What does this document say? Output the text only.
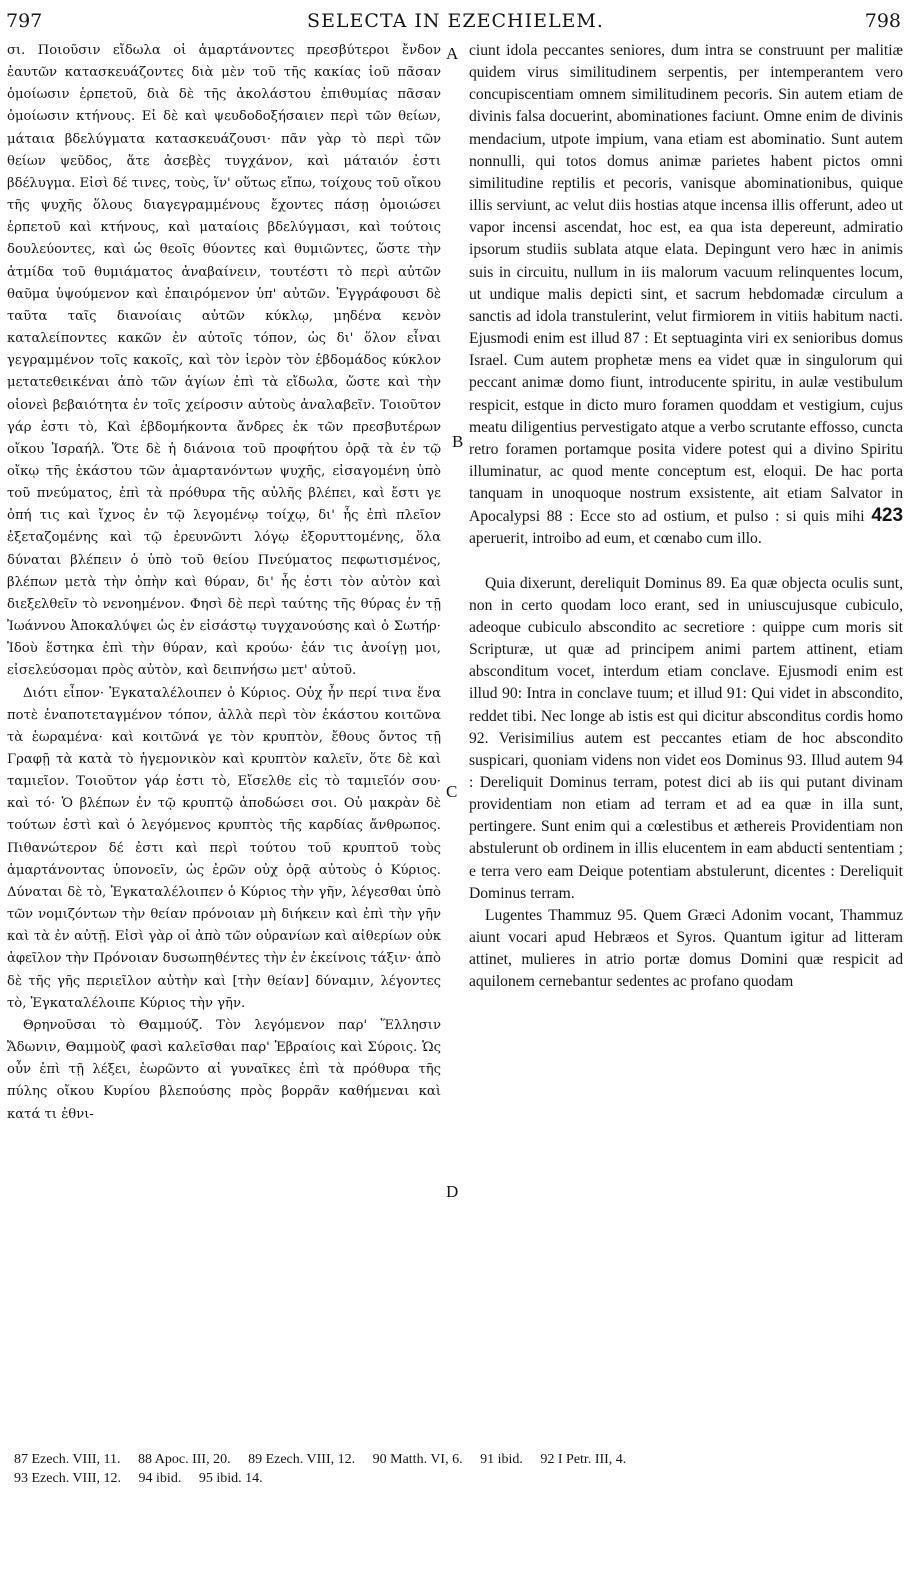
797	SELECTA IN EZECHIELEM.	798

σι. Ποιοῦσιν εἴδωλα οἱ ἁμαρτάνοντες πρεσβύτεροι ἔνδον ἑαυτῶν κατασκευάζοντες διὰ μὲν τοῦ τῆς κακίας ἰοῦ πᾶσαν ὁμοίωσιν ἑρπετοῦ, διὰ δὲ τῆς ἀκολάστου ἐπιθυμίας πᾶσαν ὁμοίωσιν κτήνους. Εἰ δὲ καὶ ψευδοδοξήσαιεν περὶ τῶν θείων, μάταια βδελύγματα κατασκευάζουσι· πᾶν γὰρ τὸ περὶ τῶν θείων ψεῦδος, ἅτε ἀσεβὲς τυγχάνον, καὶ μάταιόν ἐστι βδέλυγμα. Εἰσὶ δέ τινες, τοὺς, ἵν' οὕτως εἴπω, τοίχους τοῦ οἴκου τῆς ψυχῆς ὅλους διαγεγραμμένους ἔχοντες πάσῃ ὁμοιώσει ἑρπετοῦ καὶ κτήνους, καὶ ματαίοις βδελύγμασι, καὶ τούτοις δουλεύοντες, καὶ ὡς θεοῖς θύοντες καὶ θυμιῶντες, ὥστε τὴν ἀτμίδα τοῦ θυμιάματος ἀναβαίνειν, τουτέστι τὸ περὶ αὐτῶν θαῦμα ὑψούμενον καὶ ἐπαιρόμενον ὑπ' αὐτῶν. Ἐγγράφουσι δὲ ταῦτα ταῖς διανοίαις αὐτῶν κύκλῳ, μηδένα κενὸν καταλείποντες κακῶν ἐν αὐτοῖς τόπον, ὡς δι' ὅλον εἶναι γεγραμμένον τοῖς κακοῖς, καὶ τὸν ἱερὸν τὸν ἑβδομάδος κύκλον μετατεθεικέναι ἀπὸ τῶν ἁγίων ἐπὶ τὰ εἴδωλα, ὥστε καὶ τὴν οἱονεὶ βεβαιότητα ἐν τοῖς χείροσιν αὐτοὺς ἀναλαβεῖν. Τοιοῦτον γάρ ἐστι τὸ, Καὶ ἑβδομήκοντα ἄνδρες ἐκ τῶν πρεσβυτέρων οἴκου Ἰσραήλ. Ὅτε δὲ ἡ διάνοια τοῦ προφήτου ὁρᾷ τὰ ἐν τῷ οἴκῳ τῆς ἑκάστου τῶν ἁμαρτανόντων ψυχῆς, εἰσαγομένη ὑπὸ τοῦ πνεύματος, ἐπὶ τὰ πρόθυρα τῆς αὐλῆς βλέπει, καὶ ἔστι γε ὀπή τις καὶ ἴχνος ἐν τῷ λεγομένῳ τοίχῳ, δι' ἧς ἐπὶ πλεῖον ἐξεταζομένης καὶ τῷ ἐρευνῶντι λόγῳ ἐξορυττομένης, ὅλα δύναται βλέπειν ὁ ὑπὸ τοῦ θείου Πνεύματος πεφωτισμένος, βλέπων μετὰ τὴν ὀπὴν καὶ θύραν, δι' ἧς ἐστι τὸν αὐτὸν καὶ διεξελθεῖν τὸ νενοημένον. Φησὶ δὲ περὶ ταύτης τῆς θύρας ἐν τῇ Ἰωάννου Ἀποκαλύψει ὡς ἐν εἰσάστῳ τυγχανούσης καὶ ὁ Σωτήρ· Ἰδοὺ ἕστηκα ἐπὶ τὴν θύραν, καὶ κρούω· ἐάν τις ἀνοίγῃ μοι, εἰσελεύσομαι πρὸς αὐτὸν, καὶ δειπνήσω μετ' αὐτοῦ.

Διότι εἶπον· Ἐγκαταλέλοιπεν ὁ Κύριος. Οὐχ ἦν περί τινα ἕνα ποτὲ ἐναποτεταγμένον τόπον, ἀλλὰ περὶ τὸν ἑκάστου κοιτῶνα τὰ ἑωραμένα· καὶ κοιτῶνά γε τὸν κρυπτὸν, ἔθους ὄντος τῇ Γραφῇ τὰ κατὰ τὸ ἡγεμονικὸν καὶ κρυπτὸν καλεῖν, ὅτε δὲ καὶ ταμιεῖον. Τοιοῦτον γάρ ἐστι τὸ, Εἴσελθε εἰς τὸ ταμιεῖόν σου· καὶ τό· Ὁ βλέπων ἐν τῷ κρυπτῷ ἀποδώσει σοι. Οὐ μακρὰν δὲ τούτων ἐστὶ καὶ ὁ λεγόμενος κρυπτὸς τῆς καρδίας ἄνθρωπος. Πιθανώτερον δέ ἐστι καὶ περὶ τούτου τοῦ κρυπτοῦ τοὺς ἁμαρτάνοντας ὑπονοεῖν, ὡς ἐρῶν οὐχ ὁρᾷ αὐτοὺς ὁ Κύριος. Δύναται δὲ τὸ, Ἐγκαταλέλοιπεν ὁ Κύριος τὴν γῆν, λέγεσθαι ὑπὸ τῶν νομιζόντων τὴν θείαν πρόνοιαν μὴ διήκειν καὶ ἐπὶ τὴν γῆν καὶ τὰ ἐν αὐτῇ. Εἰσὶ γὰρ οἱ ἀπὸ τῶν οὐρανίων καὶ αἰθερίων οὐκ ἀφεῖλον τὴν Πρόνοιαν δυσωπηθέντες τὴν ἐν ἐκείνοις τάξιν· ἀπὸ δὲ τῆς γῆς περιεῖλον αὐτὴν καὶ [τὴν θείαν] δύναμιν, λέγοντες τὸ, Ἐγκαταλέλοιπε Κύριος τὴν γῆν.

Θρηνοῦσαι τὸ Θαμμούζ. Τὸν λεγόμενον παρ' Ἕλλησιν Ἄδωνιν, Θαμμοὺζ φασὶ καλεῖσθαι παρ' Ἑβραίοις καὶ Σύροις. Ὡς οὖν ἐπὶ τῇ λέξει, ἑωρῶντο αἱ γυναῖκες ἐπὶ τὰ πρόθυρα τῆς πύλης οἴκου Κυρίου βλεπούσης πρὸς βορρᾶν καθήμεναι καὶ κατά τι ἐθνι-

A
B
C
D

ciunt idola peccantes seniores, dum intra se construunt per malitiæ quidem virus similitudinem serpentis, per intemperantem vero concupiscentiam omnem similitudinem pecoris. Sin autem etiam de divinis falsa docuerint, abominationes faciunt. Omne enim de divinis mendacium, utpote impium, vana etiam est abominatio. Sunt autem nonnulli, qui totos domus animæ parietes habent pictos omni similitudine reptilis et pecoris, vanisque abominationibus, quique illis serviunt, ac velut diis hostias atque incensa illis offerunt, adeo ut vapor incensi ascendat, hoc est, ea qua ista depereunt, admiratio ipsorum studiis sublata atque elata. Depingunt vero hæc in animis suis in circuitu, nullum in iis malorum vacuum relinquentes locum, ut undique malis depicti sint, et sacrum hebdomadæ circulum a sanctis ad idola transtulerint, velut firmiorem in vitiis habitum nacti. Ejusmodi enim est illud 87 : Et septuaginta viri ex senioribus domus Israel. Cum autem prophetæ mens ea videt quæ in singulorum qui peccant animæ domo fiunt, introducente spiritu, in aulæ vestibulum respicit, estque in dicto muro foramen quoddam et vestigium, cujus meatu diligentius pervestigato atque a verbo scrutante effosso, cuncta retro foramen portamque posita videre potest qui a divino Spiritu illuminatur, ac quod mente conceptum est, eloqui. De hac porta tanquam in unoquoque nostrum exsistente, ait etiam Salvator in Apocalypsi 88 : Ecce sto ad ostium, et pulso : si quis mihi 423 aperuerit, introibo ad eum, et cœnabo cum illo.

Quia dixerunt, dereliquit Dominus 89. Ea quæ objecta oculis sunt, non in certo quodam loco erant, sed in uniuscujusque cubiculo, adeoque cubiculo abscondito ac secretiore : quippe cum moris sit Scripturæ, ut quæ ad principem animi partem attinent, etiam absconditum vocet, interdum etiam conclave. Ejusmodi enim est illud 90: Intra in conclave tuum; et illud 91: Qui videt in abscondito, reddet tibi. Nec longe ab istis est qui dicitur absconditus cordis homo 92. Verisimilius autem est peccantes etiam de hoc abscondito suspicari, quoniam videns non videt eos Dominus 93. Illud autem 94 : Dereliquit Dominus terram, potest dici ab iis qui putant divinam providentiam non etiam ad terram et ad ea quæ in illa sunt, pertingere. Sunt enim qui a cœlestibus et æthereis Providentiam non abstulerunt ob ordinem in illis elucentem in eam abducti sententiam ; e terra vero eam Deique potentiam abstulerunt, dicentes : Dereliquit Dominus terram.

Lugentes Thammuz 95. Quem Græci Adonim vocant, Thammuz aiunt vocari apud Hebræos et Syros. Quantum igitur ad litteram attinet, mulieres in atrio portæ domus Domini quæ respicit ad aquilonem cernebantur sedentes ac profano quodam

87 Ezech. VIII, 11. 88 Apoc. III, 20. 89 Ezech. VIII, 12. 90 Matth. VI, 6. 91 ibid. 92 I Petr. III, 4.
93 Ezech. VIII, 12. 94 ibid. 95 ibid. 14.
